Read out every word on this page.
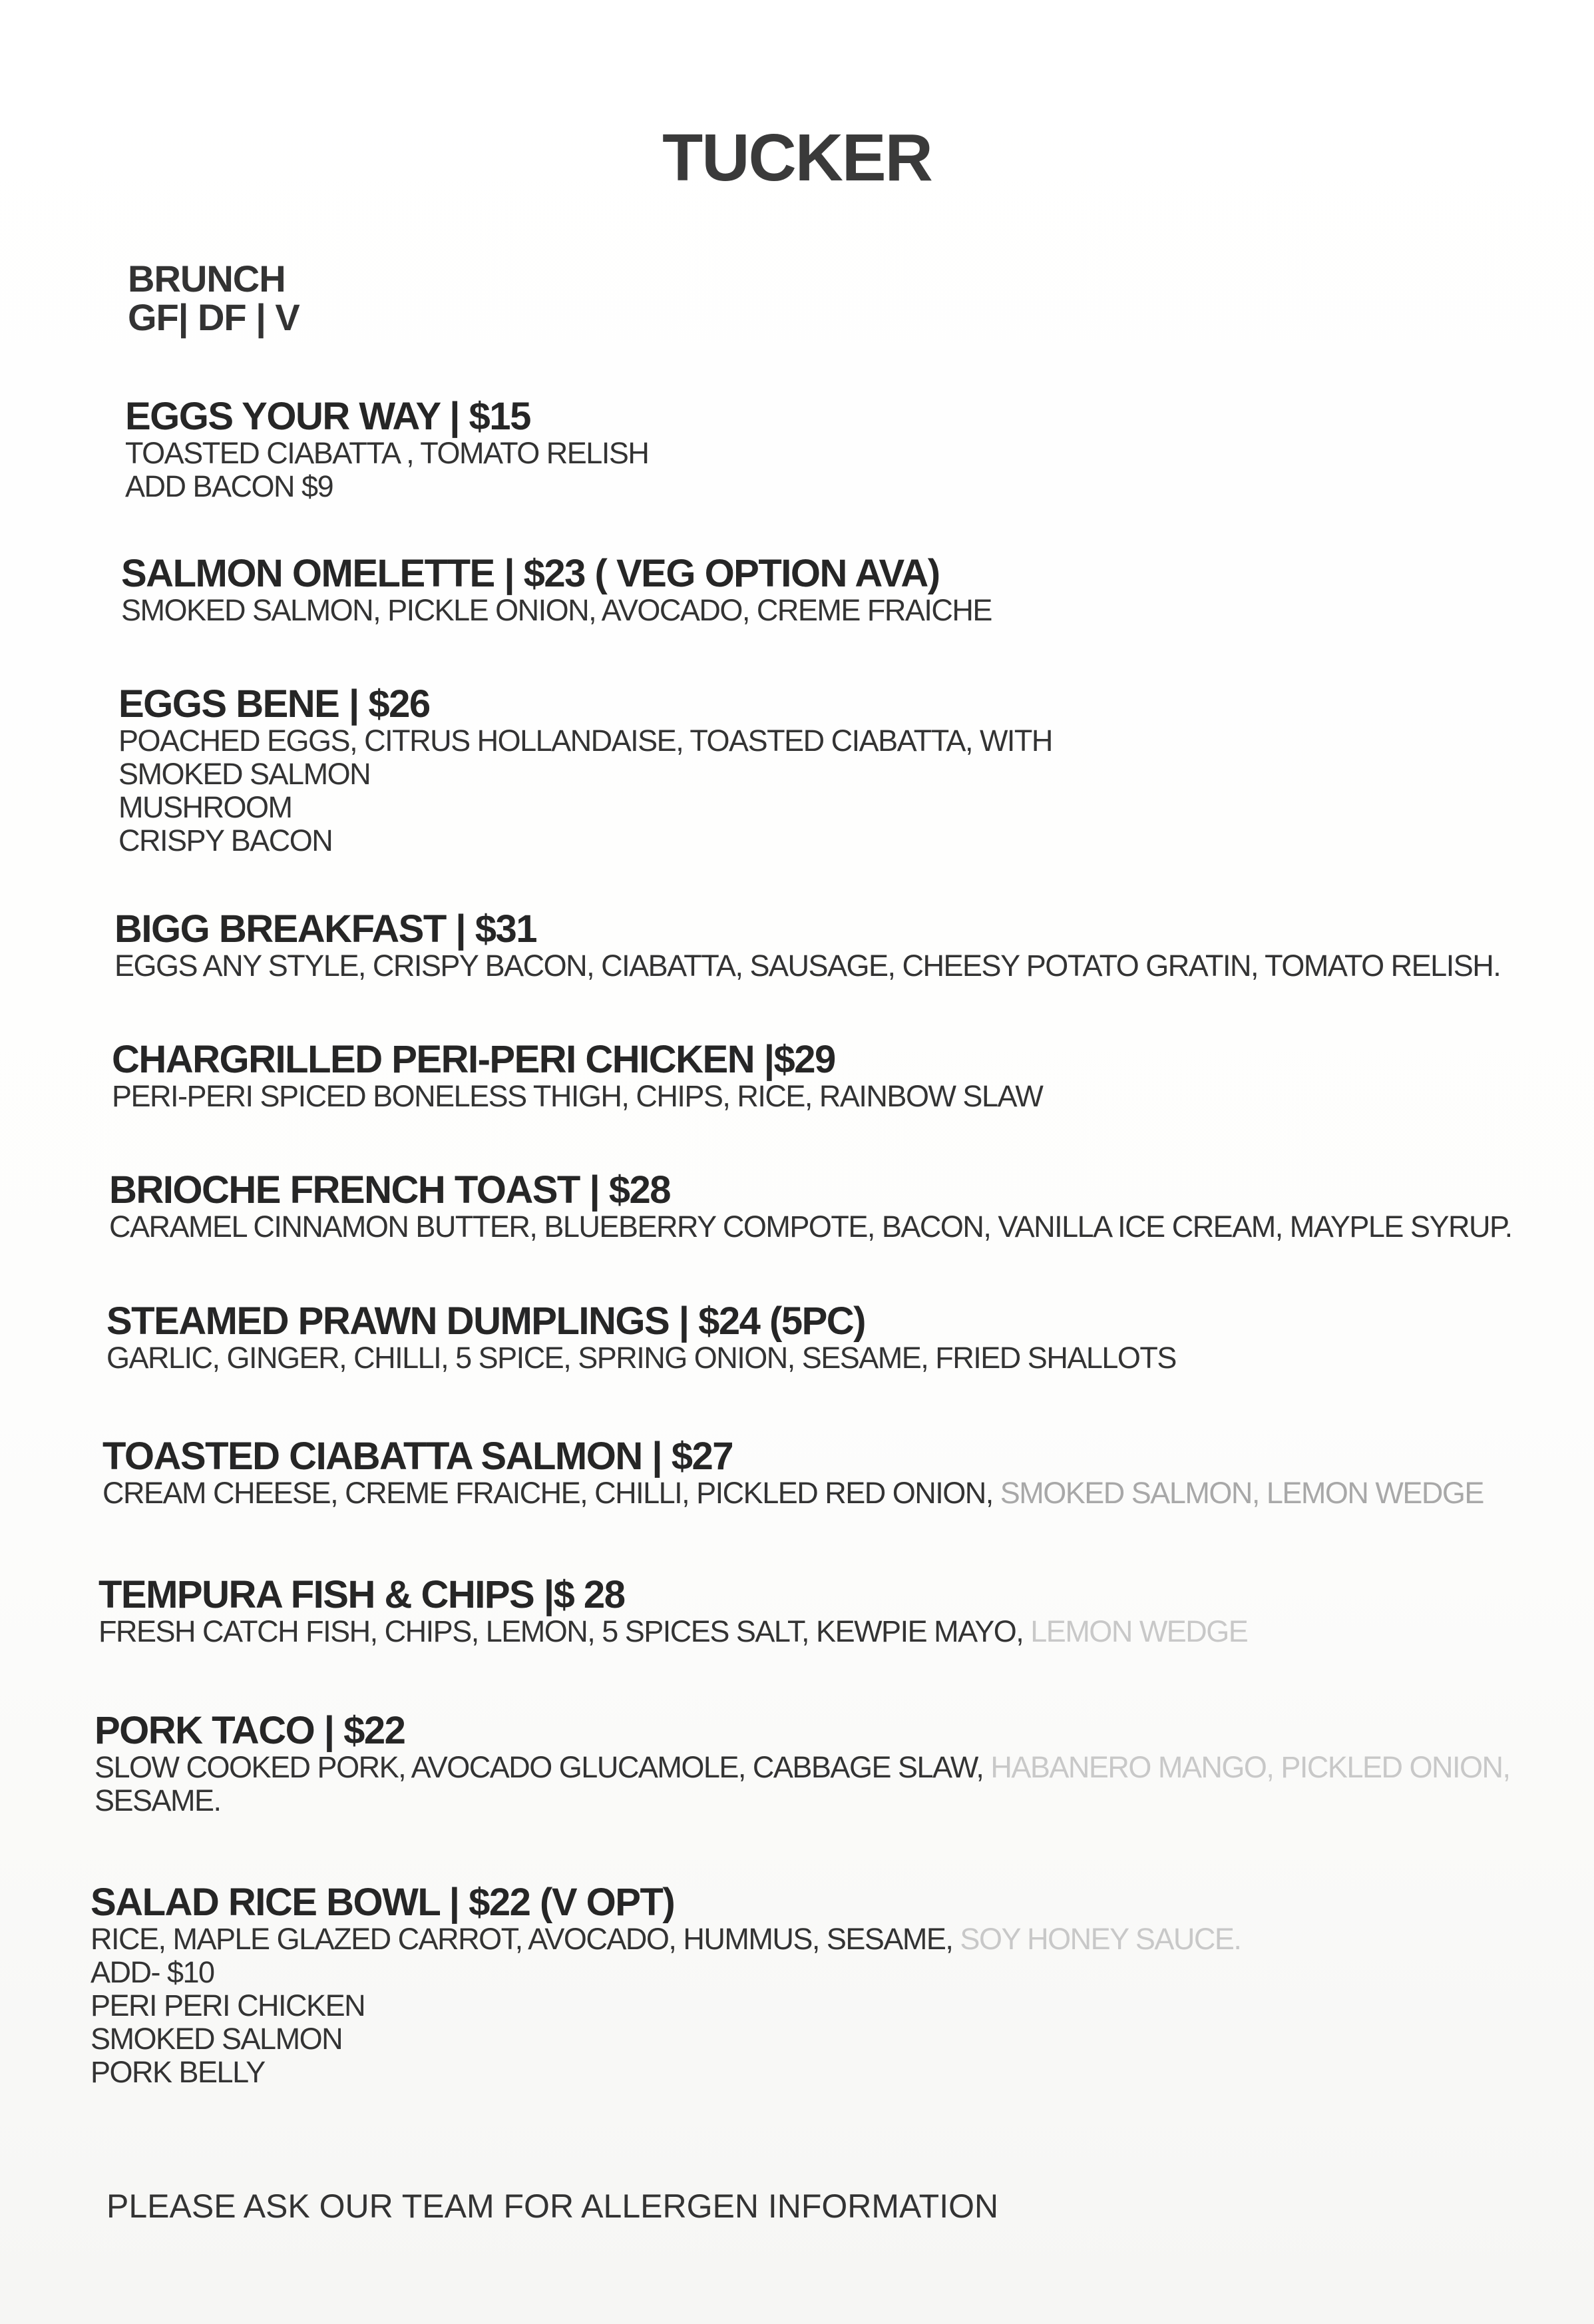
TUCKER
BRUNCH
GF| DF | V
EGGS YOUR WAY | $15
TOASTED CIABATTA , TOMATO RELISH
ADD BACON $9
SALMON OMELETTE | $23 ( VEG OPTION AVA)
SMOKED SALMON, PICKLE ONION, AVOCADO, CREME FRAICHE
EGGS BENE | $26
POACHED EGGS, CITRUS HOLLANDAISE, TOASTED CIABATTA, WITH
SMOKED SALMON
MUSHROOM
CRISPY BACON
BIGG BREAKFAST | $31
EGGS ANY STYLE, CRISPY BACON, CIABATTA, SAUSAGE, CHEESY POTATO GRATIN, TOMATO RELISH.
CHARGRILLED PERI-PERI CHICKEN |$29
PERI-PERI SPICED BONELESS THIGH, CHIPS, RICE, RAINBOW SLAW
BRIOCHE FRENCH TOAST | $28
CARAMEL CINNAMON BUTTER, BLUEBERRY COMPOTE, BACON, VANILLA ICE CREAM, MAYPLE SYRUP.
STEAMED PRAWN DUMPLINGS | $24 (5PC)
GARLIC, GINGER, CHILLI, 5 SPICE, SPRING ONION, SESAME, FRIED SHALLOTS
TOASTED CIABATTA SALMON | $27
CREAM CHEESE, CREME FRAICHE, CHILLI, PICKLED RED ONION, SMOKED SALMON, LEMON WEDGE
TEMPURA FISH & CHIPS |$ 28
FRESH CATCH FISH, CHIPS, LEMON, 5 SPICES SALT, KEWPIE MAYO, LEMON WEDGE
PORK TACO | $22
SLOW COOKED PORK, AVOCADO GLUCAMOLE, CABBAGE SLAW, HABANERO MANGO, PICKLED ONION,
SESAME.
SALAD RICE BOWL | $22 (V OPT)
RICE, MAPLE GLAZED CARROT, AVOCADO, HUMMUS, SESAME, SOY HONEY SAUCE.
ADD- $10
PERI PERI CHICKEN
SMOKED SALMON
PORK BELLY
PLEASE ASK OUR TEAM FOR ALLERGEN INFORMATION
